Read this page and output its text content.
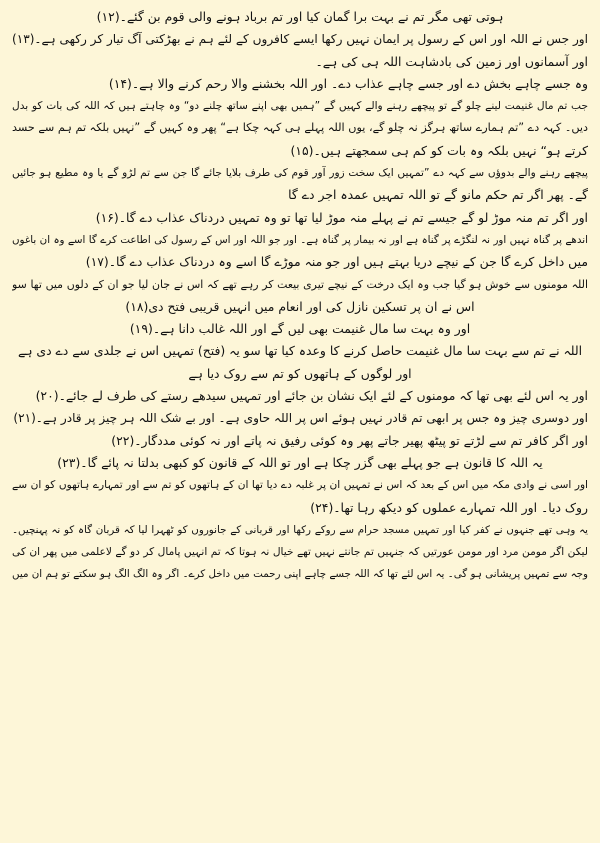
ہوتی تھی مگر تم نے بہت برا گمان کیا اور تم برباد ہونے والی قوم بن گئے۔(۱۲)
اور جس نے اللہ اور اس کے رسول پر ایمان نہیں رکھا ایسے کافروں کے لئے ہم نے بھڑکتی آگ تیار کر رکھی ہے۔(۱۳)
اور آسمانوں اور زمین کی بادشاہت اللہ ہی کی ہے۔
وہ جسے چاہے بخش دے اور جسے چاہے عذاب دے۔ اور اللہ بخشنے والا رحم کرنے والا ہے۔(۱۴)
جب تم مال غنیمت لینے چلو گے تو پیچھے رہنے والے کہیں گے ”ہمیں بھی اپنے ساتھ چلنے دو“ وہ چاہتے ہیں کہ اللہ کی بات کو بدل
دیں۔ کہہ دے ”تم ہمارے ساتھ ہرگز نہ چلو گے، یوں اللہ پہلے ہی کہہ چکا ہے“ پھر وہ کہیں گے ”نہیں بلکہ تم ہم سے حسد
کرتے ہو“ نہیں بلکہ وہ بات کو کم ہی سمجھتے ہیں۔(۱۵)
پیچھے رہنے والے بدوؤں سے کہہ دے ”تمہیں ایک سخت زور آور قوم کی طرف بلایا جائے گا جن سے تم لڑو گے یا وہ مطیع ہو جائیں
گے۔ پھر اگر تم حکم مانو گے تو اللہ تمہیں عمدہ اجر دے گا
اور اگر تم منہ موڑ لو گے جیسے تم نے پہلے منہ موڑ لیا تھا تو وہ تمہیں دردناک عذاب دے گا۔(۱۶)
اندھے پر گناہ نہیں اور نہ لنگڑے پر گناہ ہے اور نہ بیمار پر گناہ ہے۔ اور جو اللہ اور اس کے رسول کی اطاعت کرے گا اسے وہ ان باغوں
میں داخل کرے گا جن کے نیچے دریا بہتے ہیں اور جو منہ موڑے گا اسے وہ دردناک عذاب دے گا۔(۱۷)
اللہ مومنوں سے خوش ہو گیا جب وہ ایک درخت کے نیچے تیری بیعت کر رہے تھے کہ اس نے جان لیا جو ان کے دلوں میں تھا سو
اس نے ان پر تسکین نازل کی اور انعام میں انہیں قریبی فتح دی(۱۸)
اور وہ بہت سا مال غنیمت بھی لیں گے اور اللہ غالب دانا ہے۔(۱۹)
اللہ نے تم سے بہت سا مال غنیمت حاصل کرنے کا وعدہ کیا تھا سو یہ (فتح) تمہیں اس نے جلدی سے دے دی ہے
اور لوگوں کے ہاتھوں کو تم سے روک دیا ہے
اور یہ اس لئے بھی تھا کہ مومنوں کے لئے ایک نشان بن جائے اور تمہیں سیدھے رستے کی طرف لے جائے۔(۲۰)
اور دوسری چیز وہ جس پر ابھی تم قادر نہیں ہوئے اس پر اللہ حاوی ہے۔ اور بے شک اللہ ہر چیز پر قادر ہے۔(۲۱)
اور اگر کافر تم سے لڑتے تو پیٹھ پھیر جاتے پھر وہ کوئی رفیق نہ پاتے اور نہ کوئی مددگار۔(۲۲)
یہ اللہ کا قانون ہے جو پہلے بھی گزر چکا ہے اور تو اللہ کے قانون کو کبھی بدلتا نہ پائے گا۔(۲۳)
اور اسی نے وادی مکہ میں اس کے بعد کہ اس نے تمہیں ان پر غلبہ دے دیا تھا ان کے ہاتھوں کو تم سے اور تمہارے ہاتھوں کو ان سے
روک دیا۔ اور اللہ تمہارے عملوں کو دیکھ رہا تھا۔(۲۴)
یہ وہی تھے جنہوں نے کفر کیا اور تمہیں مسجد حرام سے روکے رکھا اور قربانی کے جانوروں کو ٹھہرا لیا کہ قربان گاہ کو نہ پہنچیں۔
لیکن اگر مومن مرد اور مومن عورتیں کہ جنہیں تم جانتے نہیں تھے خیال نہ ہوتا کہ تم انہیں پامال کر دو گے لاعلمی میں پھر ان کی
وجہ سے تمہیں پریشانی ہو گی۔ یہ اس لئے تھا کہ اللہ جسے چاہے اپنی رحمت میں داخل کرے۔ اگر وہ الگ الگ ہو سکتے تو ہم ان میں
